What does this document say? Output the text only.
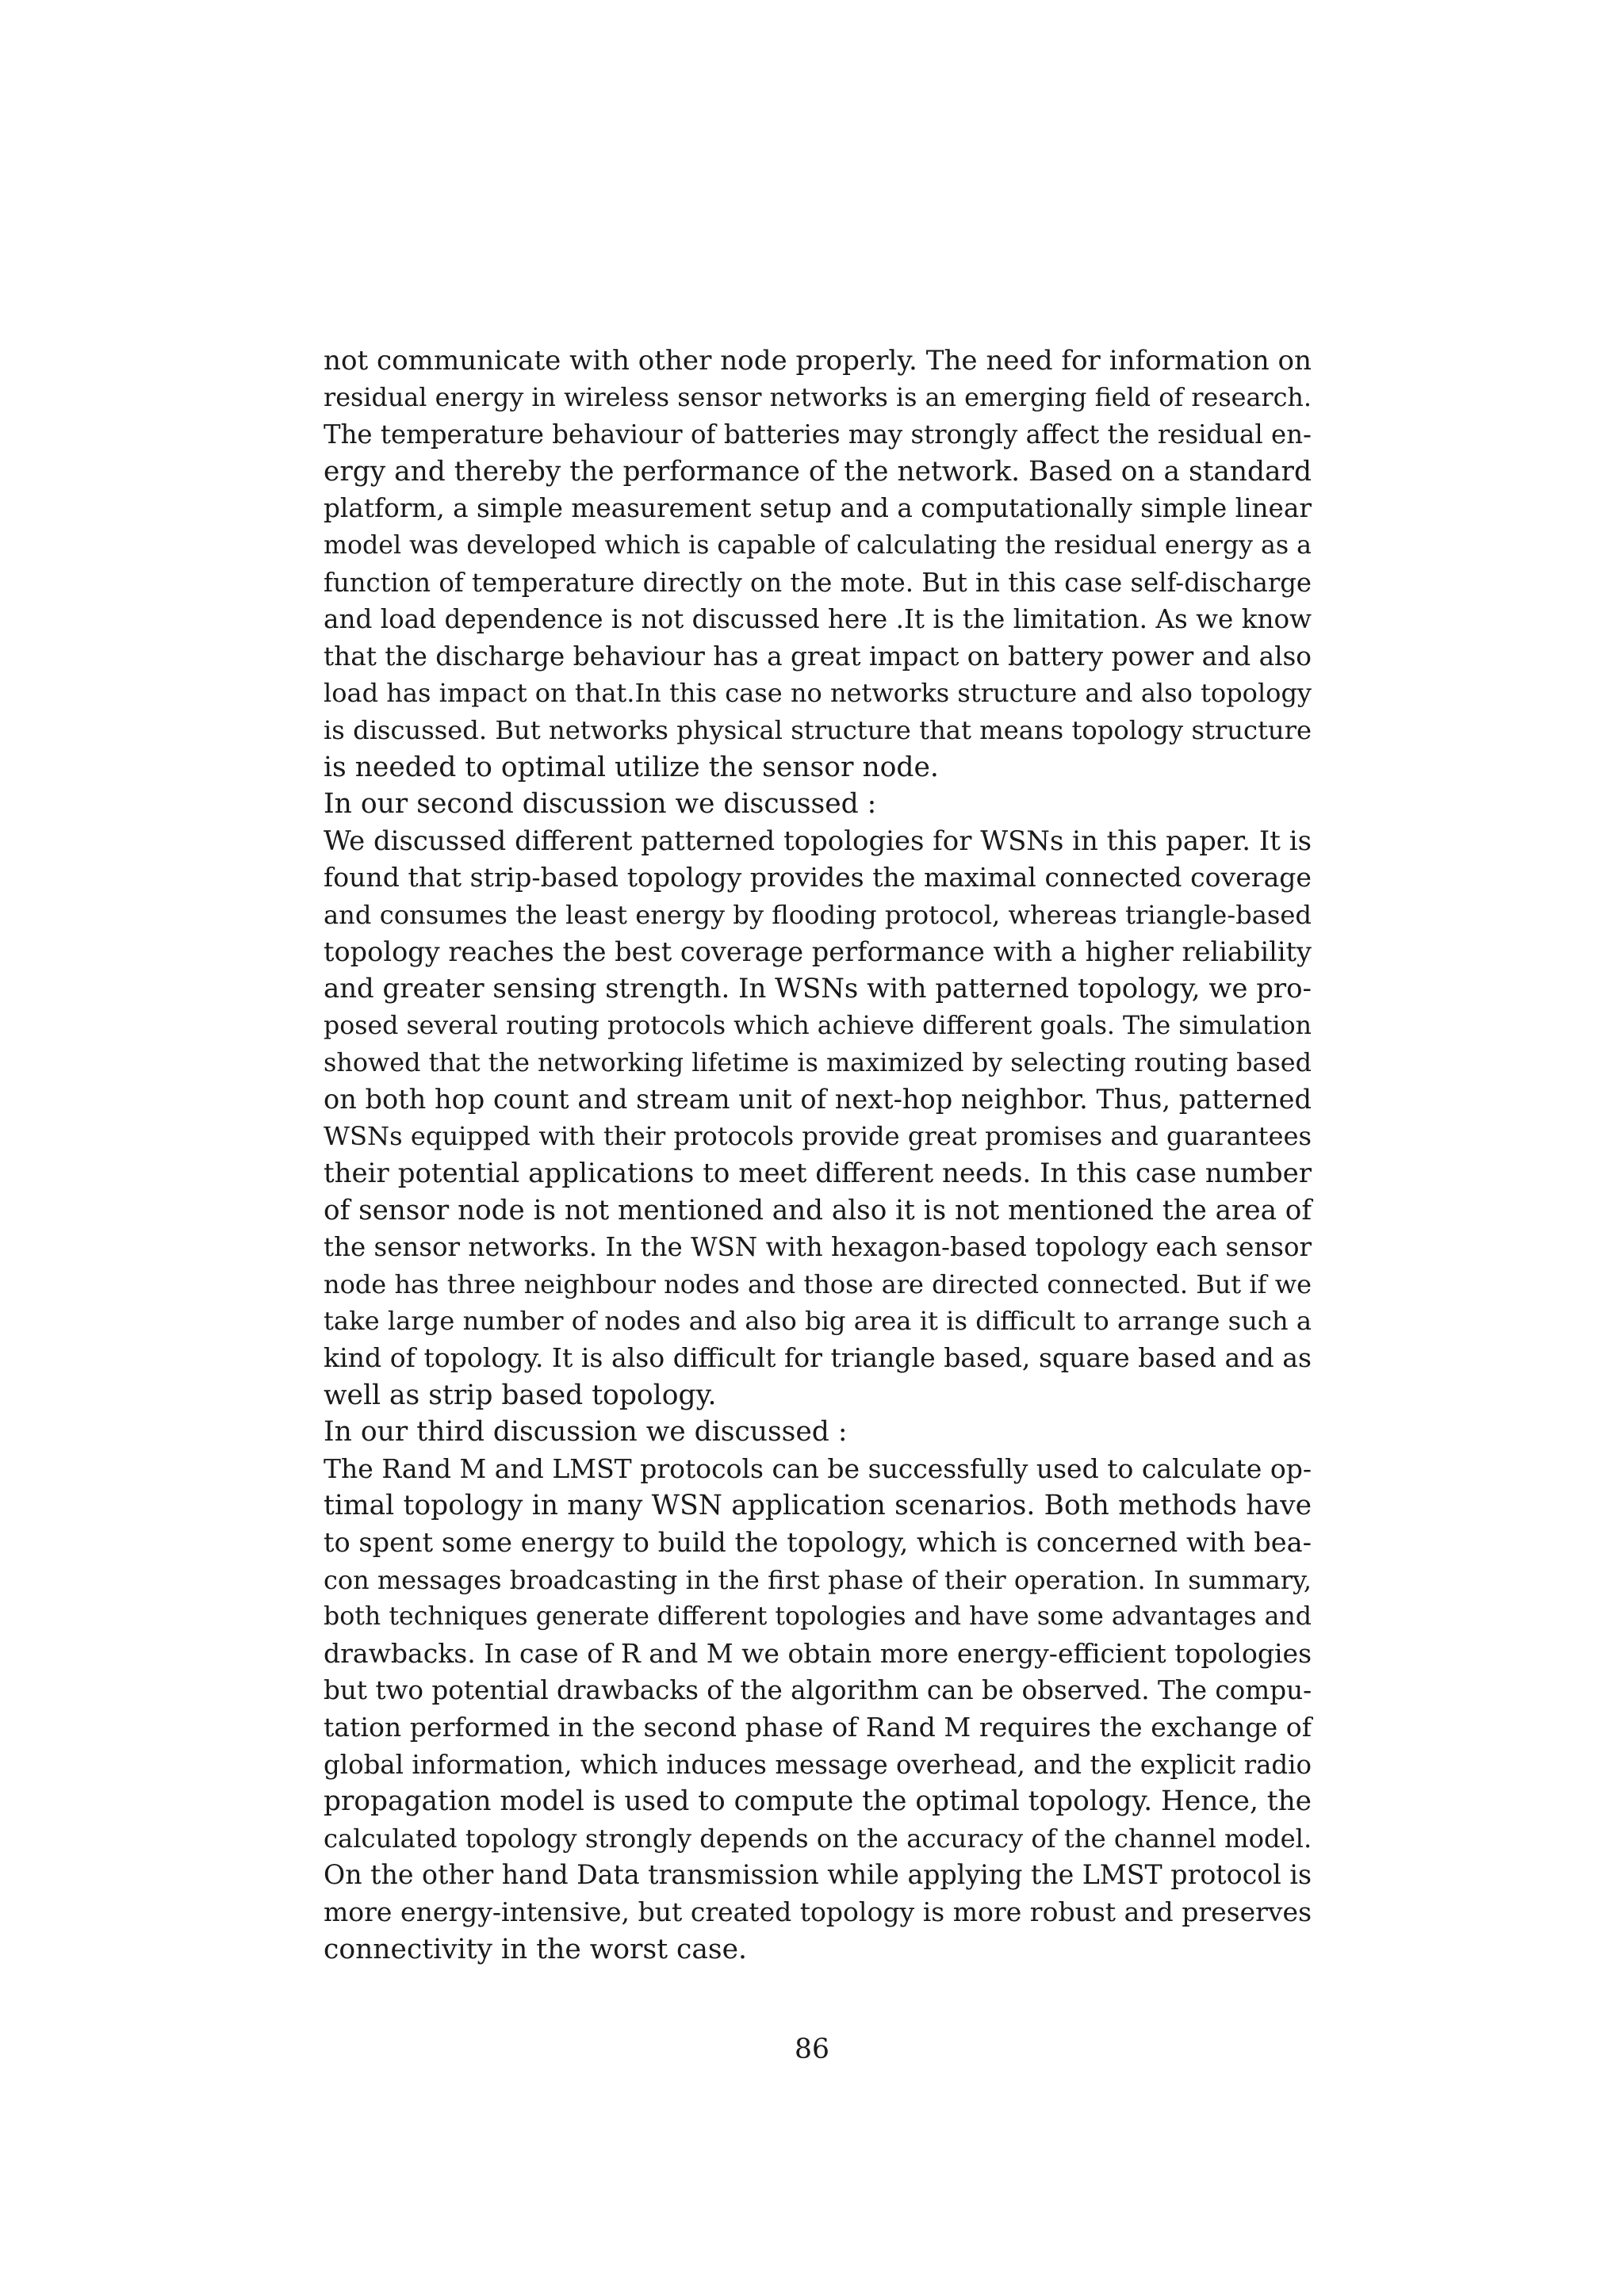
not communicate with other node properly. The need for information on
residual energy in wireless sensor networks is an emerging field of research.
The temperature behaviour of batteries may strongly affect the residual en-
ergy and thereby the performance of the network. Based on a standard
platform, a simple measurement setup and a computationally simple linear
model was developed which is capable of calculating the residual energy as a
function of temperature directly on the mote. But in this case self-discharge
and load dependence is not discussed here .It is the limitation. As we know
that the discharge behaviour has a great impact on battery power and also
load has impact on that.In this case no networks structure and also topology
is discussed. But networks physical structure that means topology structure
is needed to optimal utilize the sensor node.
In our second discussion we discussed :
We discussed different patterned topologies for WSNs in this paper. It is
found that strip-based topology provides the maximal connected coverage
and consumes the least energy by flooding protocol, whereas triangle-based
topology reaches the best coverage performance with a higher reliability
and greater sensing strength. In WSNs with patterned topology, we pro-
posed several routing protocols which achieve different goals. The simulation
showed that the networking lifetime is maximized by selecting routing based
on both hop count and stream unit of next-hop neighbor. Thus, patterned
WSNs equipped with their protocols provide great promises and guarantees
their potential applications to meet different needs. In this case number
of sensor node is not mentioned and also it is not mentioned the area of
the sensor networks. In the WSN with hexagon-based topology each sensor
node has three neighbour nodes and those are directed connected. But if we
take large number of nodes and also big area it is difficult to arrange such a
kind of topology. It is also difficult for triangle based, square based and as
well as strip based topology.
In our third discussion we discussed :
The Rand M and LMST protocols can be successfully used to calculate op-
timal topology in many WSN application scenarios. Both methods have
to spent some energy to build the topology, which is concerned with bea-
con messages broadcasting in the first phase of their operation. In summary,
both techniques generate different topologies and have some advantages and
drawbacks. In case of R and M we obtain more energy-efficient topologies
but two potential drawbacks of the algorithm can be observed. The compu-
tation performed in the second phase of Rand M requires the exchange of
global information, which induces message overhead, and the explicit radio
propagation model is used to compute the optimal topology. Hence, the
calculated topology strongly depends on the accuracy of the channel model.
On the other hand Data transmission while applying the LMST protocol is
more energy-intensive, but created topology is more robust and preserves
connectivity in the worst case.
86
